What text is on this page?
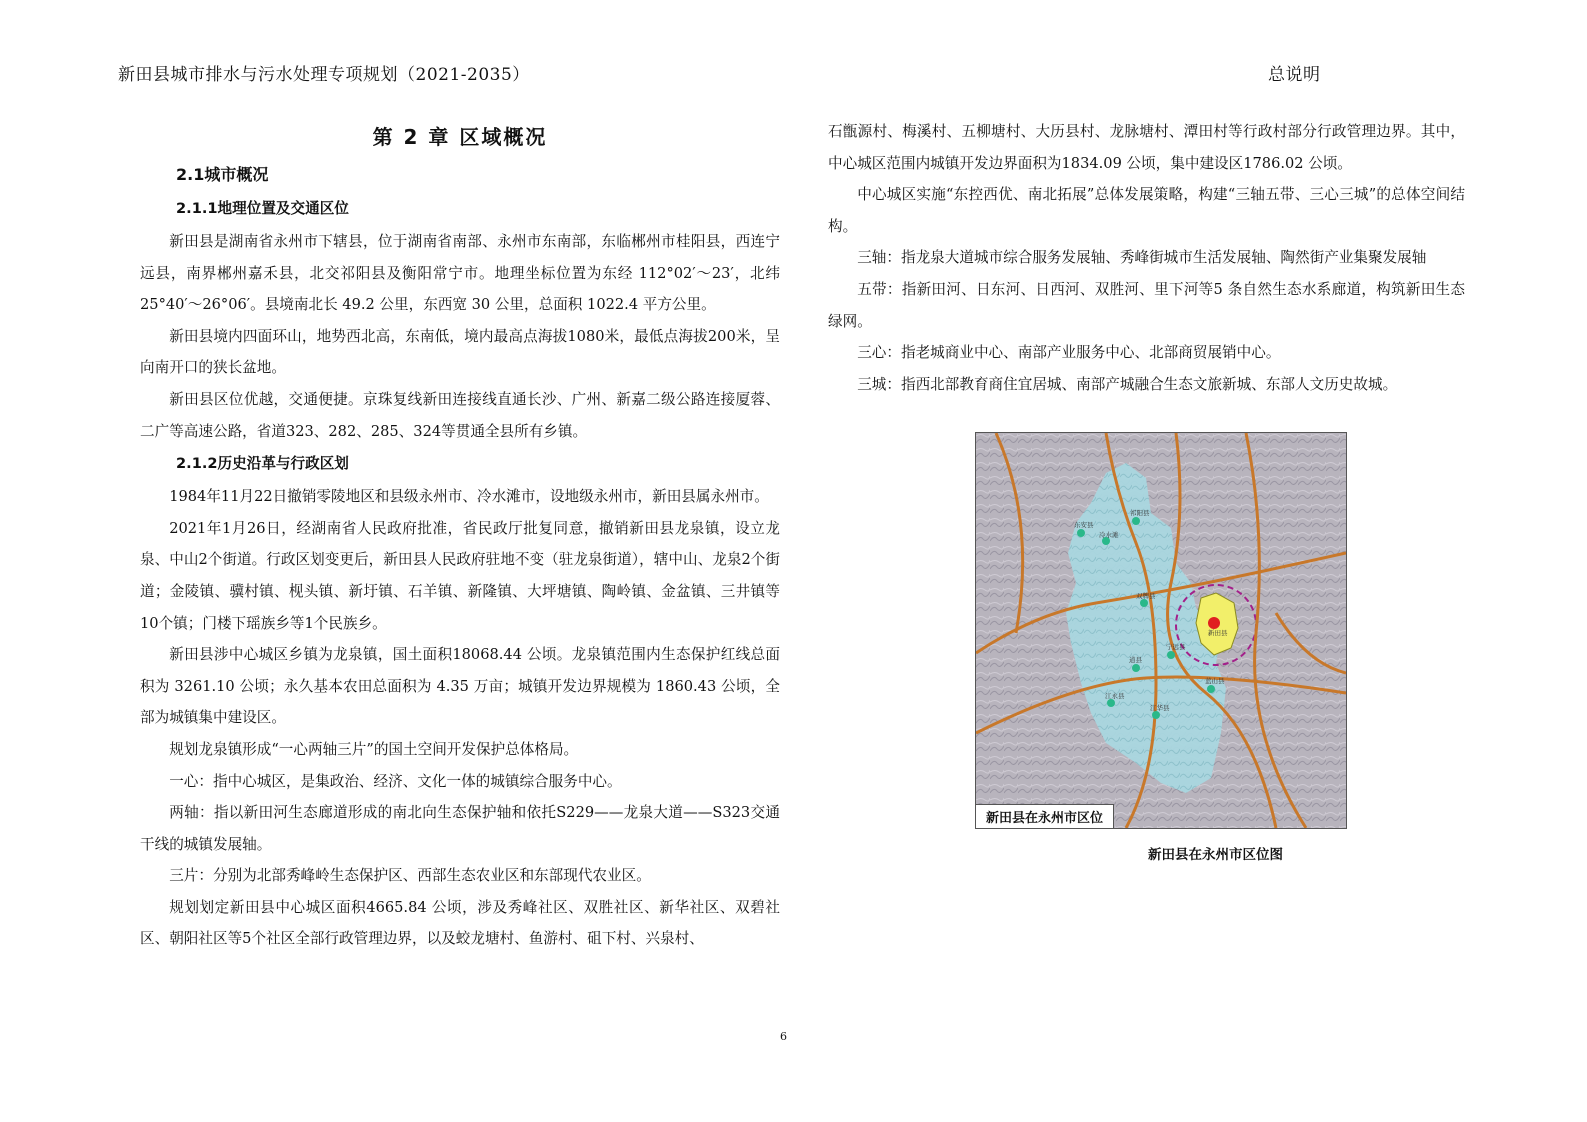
新田县城市排水与污水处理专项规划（2021-2035）	总说明
第 2 章 区域概况
2.1城市概况
2.1.1地理位置及交通区位

新田县是湖南省永州市下辖县，位于湖南省南部、永州市东南部，东临郴州市桂阳县，西连宁远县，南界郴州嘉禾县，北交祁阳县及衡阳常宁市。地理坐标位置为东经 112°02′～23′，北纬25°40′～26°06′。县境南北长 49.2 公里，东西宽 30 公里，总面积 1022.4 平方公里。

新田县境内四面环山，地势西北高，东南低，境内最高点海拔1080米，最低点海拔200米，呈向南开口的狭长盆地。

新田县区位优越，交通便捷。京珠复线新田连接线直通长沙、广州、新嘉二级公路连接厦蓉、二广等高速公路，省道323、282、285、324等贯通全县所有乡镇。

2.1.2历史沿革与行政区划

1984年11月22日撤销零陵地区和县级永州市、冷水滩市，设地级永州市，新田县属永州市。

2021年1月26日，经湖南省人民政府批准，省民政厅批复同意，撤销新田县龙泉镇，设立龙泉、中山2个街道。行政区划变更后，新田县人民政府驻地不变（驻龙泉街道），辖中山、龙泉2个街道；金陵镇、骥村镇、枧头镇、新圩镇、石羊镇、新隆镇、大坪塘镇、陶岭镇、金盆镇、三井镇等10个镇；门楼下瑶族乡等1个民族乡。

新田县涉中心城区乡镇为龙泉镇，国土面积18068.44 公顷。龙泉镇范围内生态保护红线总面积为 3261.10 公顷；永久基本农田总面积为 4.35 万亩；城镇开发边界规模为 1860.43 公顷，全部为城镇集中建设区。

规划龙泉镇形成“一心两轴三片”的国土空间开发保护总体格局。

一心：指中心城区，是集政治、经济、文化一体的城镇综合服务中心。

两轴：指以新田河生态廊道形成的南北向生态保护轴和依托S229——龙泉大道——S323交通干线的城镇发展轴。

三片：分别为北部秀峰岭生态保护区、西部生态农业区和东部现代农业区。

规划划定新田县中心城区面积4665.84 公顷，涉及秀峰社区、双胜社区、新华社区、双碧社区、朝阳社区等5个社区全部行政管理边界，以及蛟龙塘村、鱼游村、砠下村、兴泉村、

石甑源村、梅溪村、五柳塘村、大历县村、龙脉塘村、潭田村等行政村部分行政管理边界。其中，中心城区范围内城镇开发边界面积为1834.09 公顷，集中建设区1786.02 公顷。

中心城区实施“东控西优、南北拓展”总体发展策略，构建“三轴五带、三心三城”的总体空间结构。

三轴：指龙泉大道城市综合服务发展轴、秀峰街城市生活发展轴、陶然街产业集聚发展轴

五带：指新田河、日东河、日西河、双胜河、里下河等5 条自然生态水系廊道，构筑新田生态绿网。

三心：指老城商业中心、南部产业服务中心、北部商贸展销中心。

三城：指西北部教育商住宜居城、南部产城融合生态文旅新城、东部人文历史故城。

祁阳县
东安县
冷水滩
双牌县
宁远县
道县
蓝山县
江永县
江华县
新田县
新田县在永州市区位
新田县在永州市区位图
6
